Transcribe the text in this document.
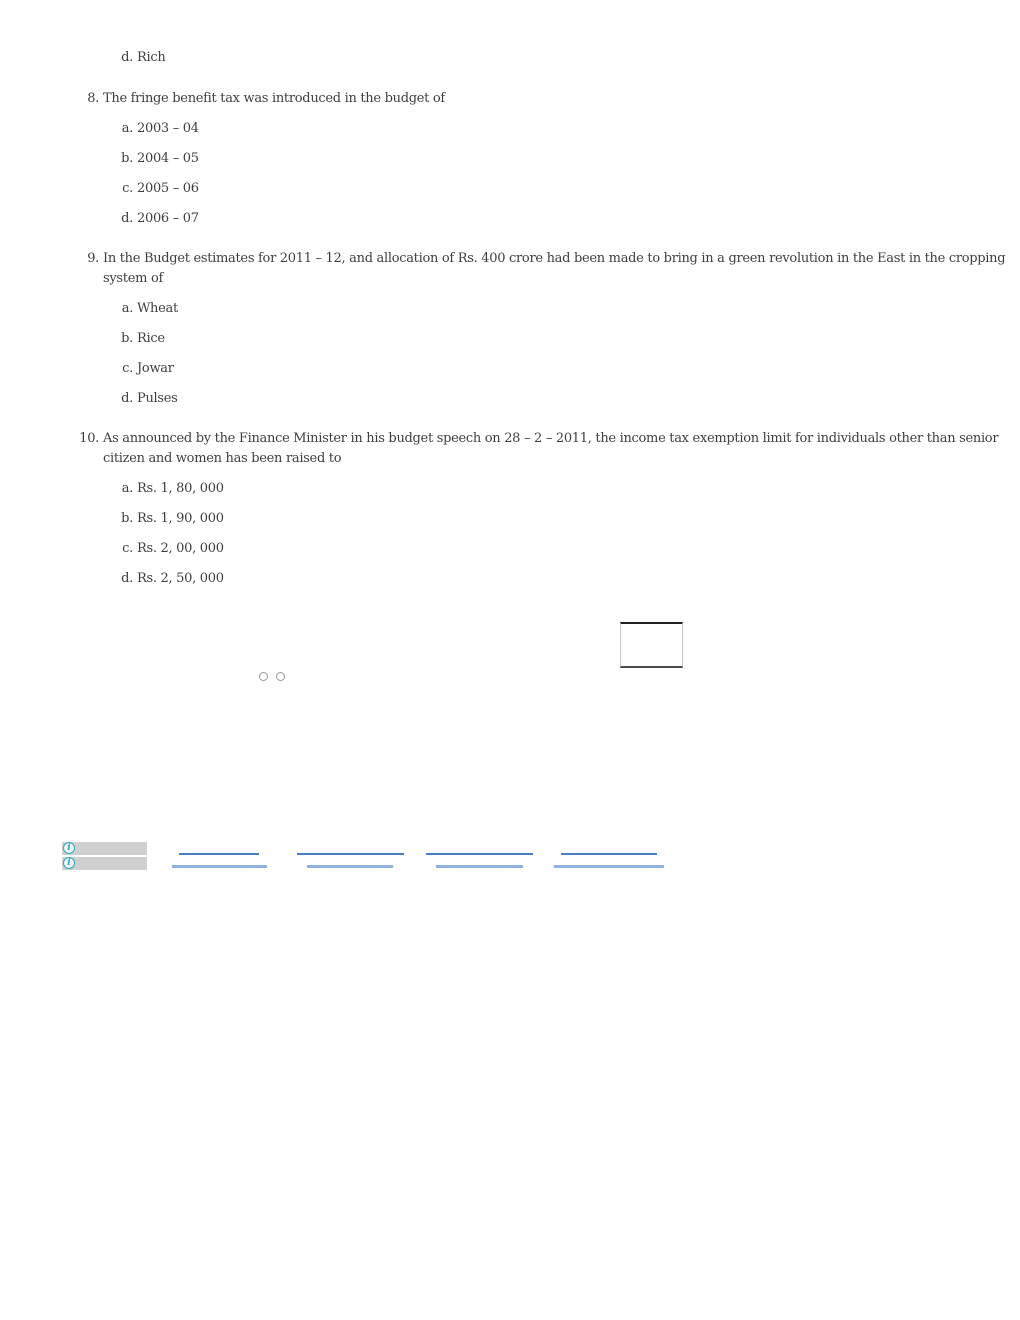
d. Rich
8. The fringe benefit tax was introduced in the budget of
a. 2003 – 04
b. 2004 – 05
c. 2005 – 06
d. 2006 – 07
9. In the Budget estimates for 2011 – 12, and allocation of Rs. 400 crore had been made to bring in a green revolution in the East in the cropping
system of
a. Wheat
b. Rice
c. Jowar
d. Pulses
10. As announced by the Finance Minister in his budget speech on 28 – 2 – 2011, the income tax exemption limit for individuals other than senior
citizen and women has been raised to
a. Rs. 1, 80, 000
b. Rs. 1, 90, 000
c. Rs. 2, 00, 000
d. Rs. 2, 50, 000
i
i
